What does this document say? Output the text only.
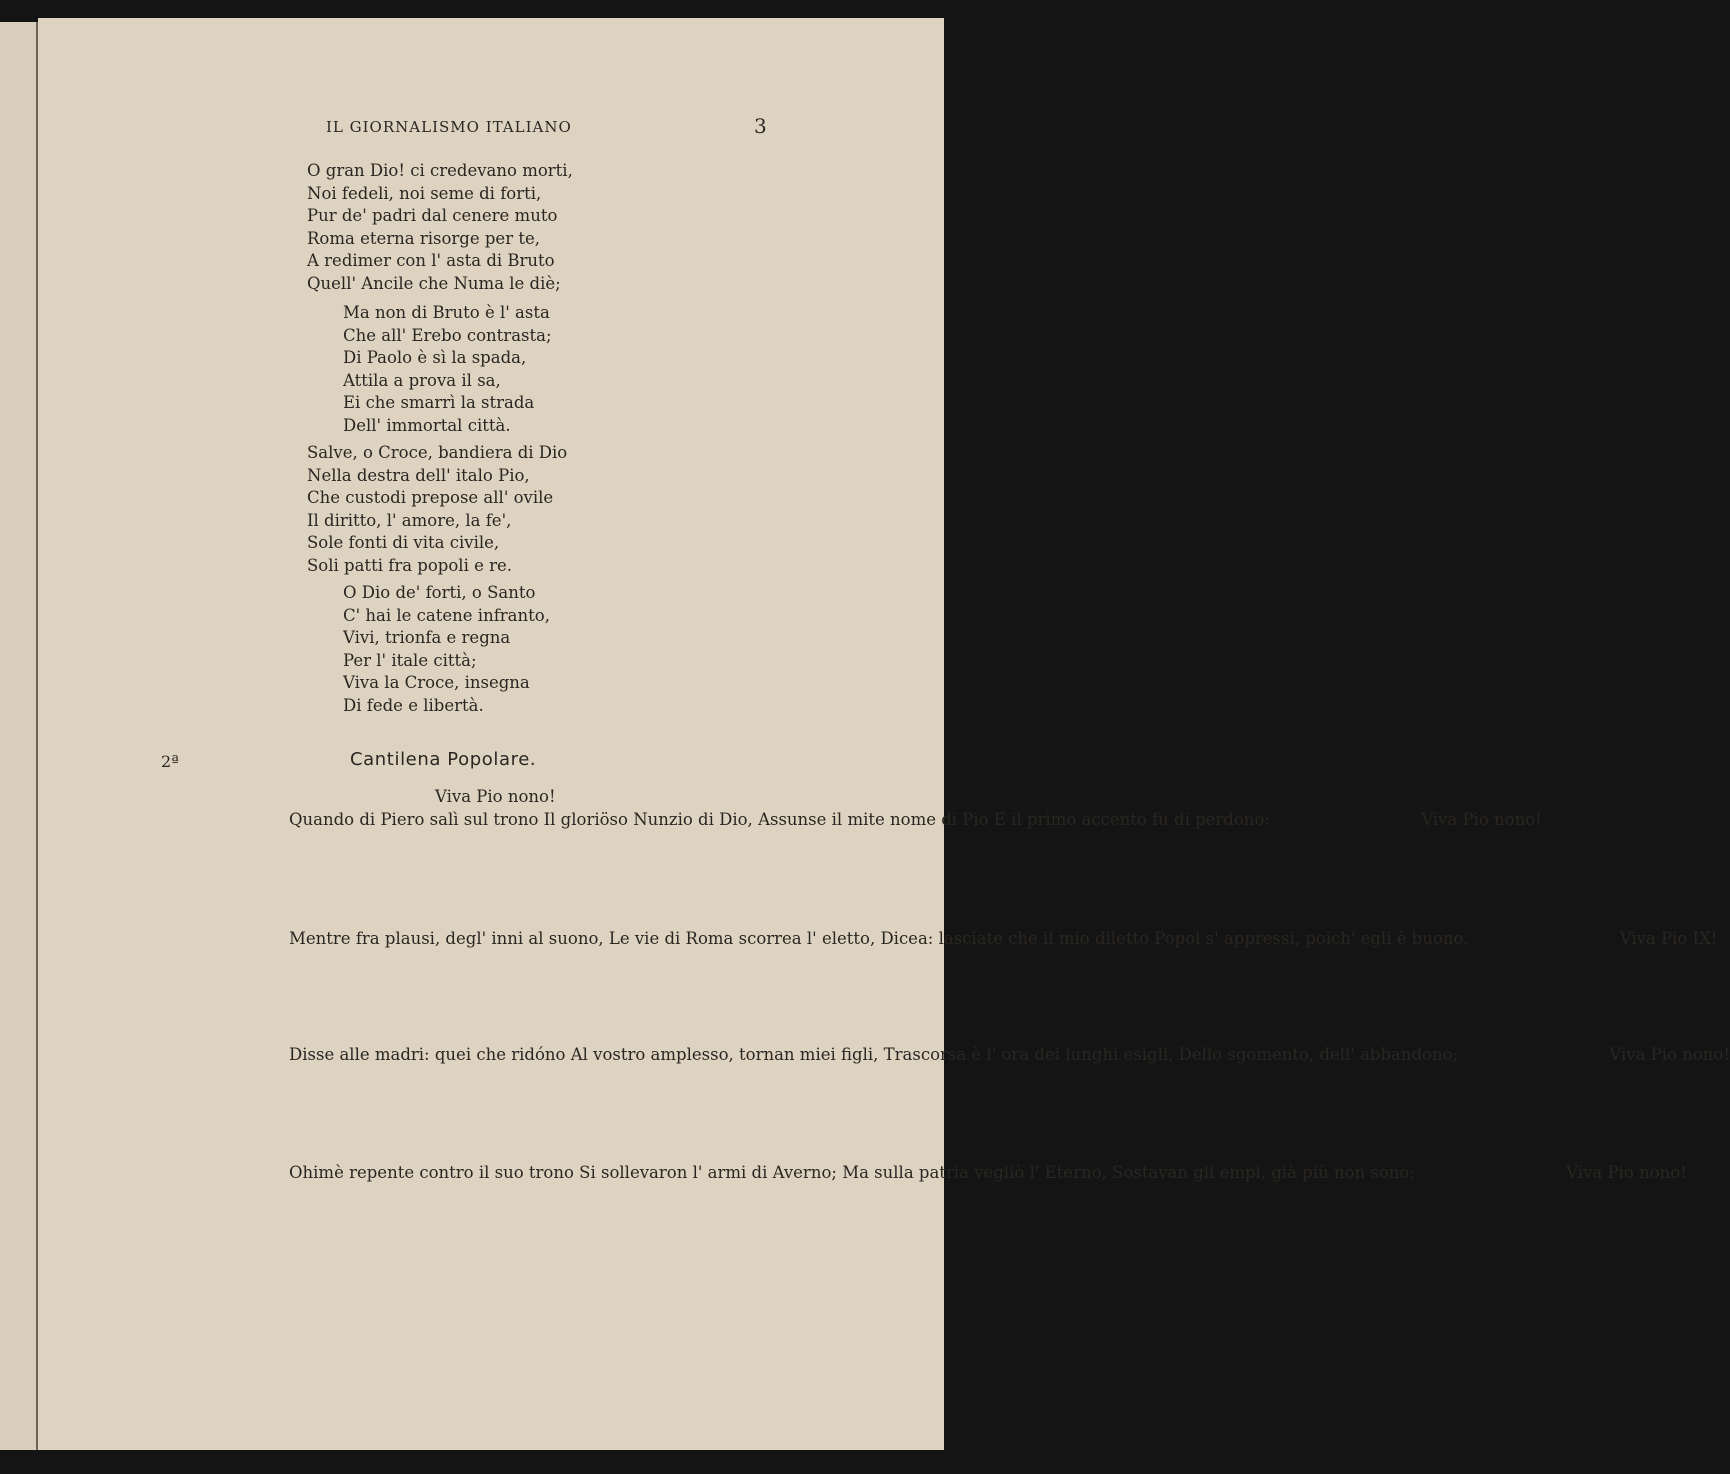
IL GIORNALISMO ITALIANO	3
O gran Dio! ci credevano morti,
Noi fedeli, noi seme di forti,
Pur de' padri dal cenere muto
Roma eterna risorge per te,
A redimer con l' asta di Bruto
Quell' Ancile che Numa le diè;
Ma non di Bruto è l' asta
Che all' Erebo contrasta;
Di Paolo è sì la spada,
Attila a prova il sa,
Ei che smarrì la strada
Dell' immortal città.
Salve, o Croce, bandiera di Dio
Nella destra dell' italo Pio,
Che custodi prepose all' ovile
Il diritto, l' amore, la fe',
Sole fonti di vita civile,
Soli patti fra popoli e re.
O Dio de' forti, o Santo
C' hai le catene infranto,
Vivi, trionfa e regna
Per l' itale città;
Viva la Croce, insegna
Di fede e libertà.
2ª	Cantilena Popolare.
Viva Pio nono!
Quando di Piero salì sul trono Il gloriöso Nunzio di Dio, Assunse il mite nome di Pio E il primo accento fu di perdono:	Viva Pio nono!
Mentre fra plausi, degl' inni al suono, Le vie di Roma scorrea l' eletto, Dicea: lasciate che il mio diletto Popol s' appressi, poich' egli è buono.	Viva Pio IX!
Disse alle madri: quei che ridóno Al vostro amplesso, tornan miei figli, Trascorsa è l' ora dei lunghi esigli, Dello sgomento, dell' abbandono;	Viva Pio nono!
Ohimè repente contro il suo trono Si sollevaron l' armi di Averno; Ma sulla patria vegliò l' Eterno, Sostavan gli empi, già più non sono;	Viva Pio nono!
